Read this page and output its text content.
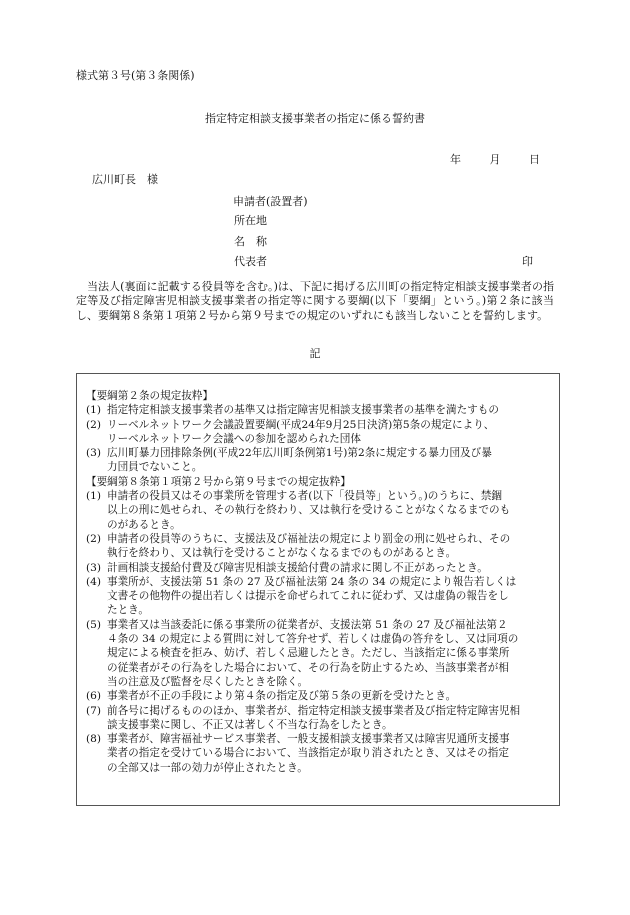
様式第３号(第３条関係)
指定特定相談支援事業者の指定に係る誓約書
年	月	日
広川町長　様
申請者(設置者)
所在地
名　称
代表者	印
当法人(裏面に記載する役員等を含む。)は、下記に掲げる広川町の指定特定相談支援事業者の指定等及び指定障害児相談支援事業者の指定等に関する要綱(以下「要綱」という。)第２条に該当し、要綱第８条第１項第２号から第９号までの規定のいずれにも該当しないことを誓約します。
記
【要綱第２条の規定抜粋】
(1) 指定特定相談支援事業者の基準又は指定障害児相談支援事業者の基準を満たすもの
(2) リーベルネットワーク会議設置要綱(平成24年9月25日決済)第5条の規定により、
リーベルネットワーク会議への参加を認められた団体
(3) 広川町暴力団排除条例(平成22年広川町条例第1号)第2条に規定する暴力団及び暴
力団員でないこと。
【要綱第８条第１項第２号から第９号までの規定抜粋】
(1) 申請者の役員又はその事業所を管理する者(以下「役員等」という。)のうちに、禁錮
以上の刑に処せられ、その執行を終わり、又は執行を受けることがなくなるまでのも
のがあるとき。
(2) 申請者の役員等のうちに、支援法及び福祉法の規定により罰金の刑に処せられ、その
執行を終わり、又は執行を受けることがなくなるまでのものがあるとき。
(3) 計画相談支援給付費及び障害児相談支援給付費の請求に関し不正があったとき。
(4) 事業所が、支援法第 51 条の 27 及び福祉法第 24 条の 34 の規定により報告若しくは
文書その他物件の提出若しくは提示を命ぜられてこれに従わず、又は虚偽の報告をし
たとき。
(5) 事業者又は当該委託に係る事業所の従業者が、支援法第 51 条の 27 及び福祉法第２
４条の 34 の規定による質問に対して答弁せず、若しくは虚偽の答弁をし、又は同項の
規定による検査を拒み、妨げ、若しく忌避したとき。ただし、当該指定に係る事業所
の従業者がその行為をした場合において、その行為を防止するため、当該事業者が相
当の注意及び監督を尽くしたときを除く。
(6) 事業者が不正の手段により第４条の指定及び第５条の更新を受けたとき。
(7) 前各号に掲げるもののほか、事業者が、指定特定相談支援事業者及び指定特定障害児相
談支援事業に関し、不正又は著しく不当な行為をしたとき。
(8) 事業者が、障害福祉サービス事業者、一般支援相談支援事業者又は障害児通所支援事
業者の指定を受けている場合において、当該指定が取り消されたとき、又はその指定
の全部又は一部の効力が停止されたとき。
